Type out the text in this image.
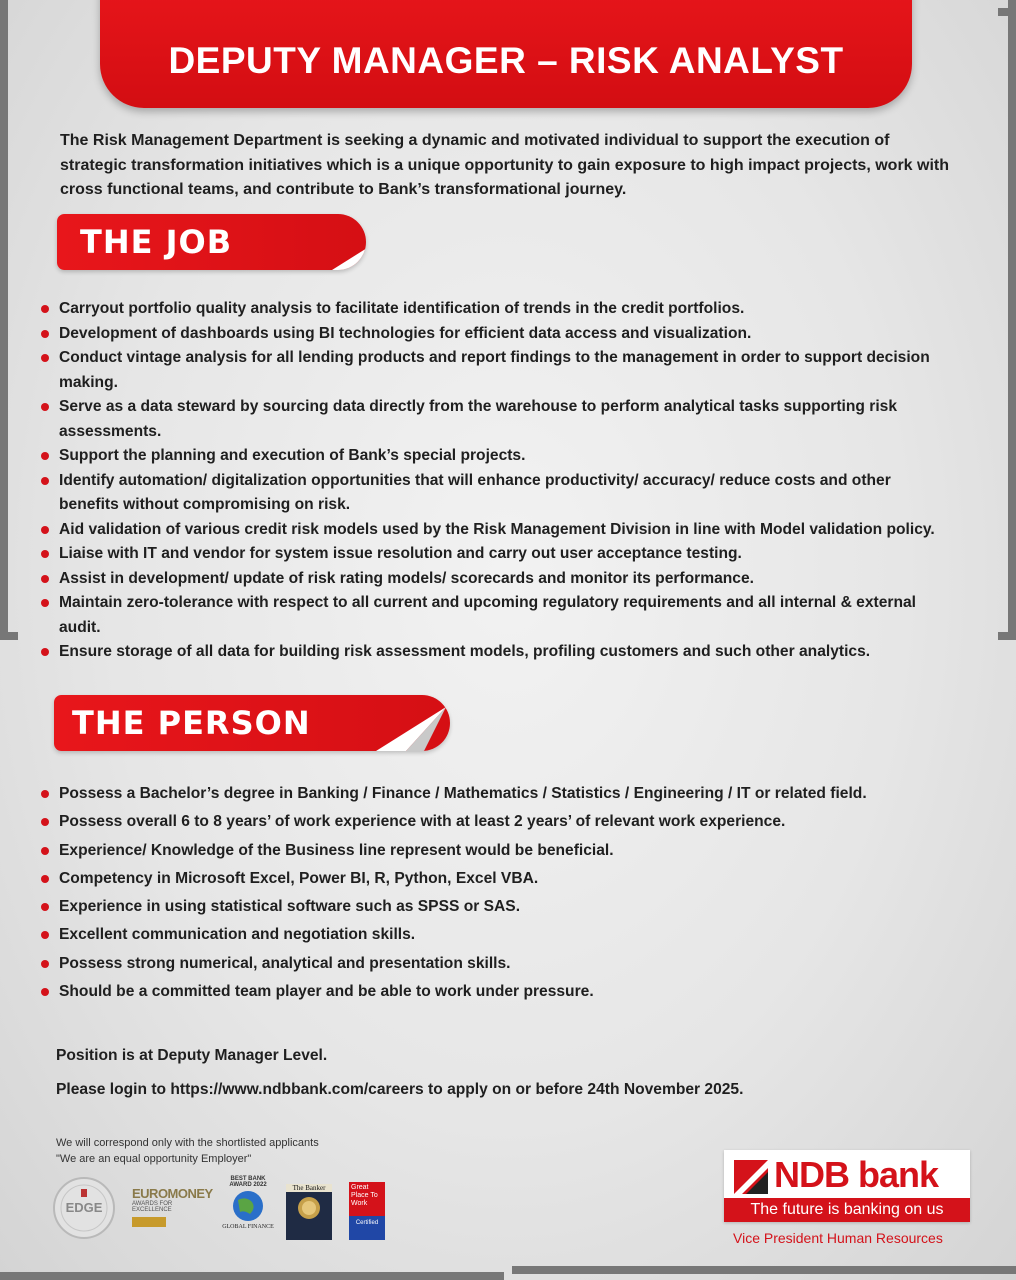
DEPUTY MANAGER – RISK ANALYST
The Risk Management Department is seeking a dynamic and motivated individual to support the execution of strategic transformation initiatives which is a unique opportunity to gain exposure to high impact projects, work with cross functional teams, and contribute to Bank’s transformational journey.
THE JOB
Carryout portfolio quality analysis to facilitate identification of trends in the credit portfolios.
Development of dashboards using BI technologies for efficient data access and visualization.
Conduct vintage analysis for all lending products and report findings to the management in order to support decision making.
Serve as a data steward by sourcing data directly from the warehouse to perform analytical tasks supporting risk assessments.
Support the planning and execution of Bank’s special projects.
Identify automation/ digitalization opportunities that will enhance productivity/ accuracy/ reduce costs and other benefits without compromising on risk.
Aid validation of various credit risk models used by the Risk Management Division in line with Model validation policy.
Liaise with IT and vendor for system issue resolution and carry out user acceptance testing.
Assist in development/ update of risk rating models/ scorecards and monitor its performance.
Maintain zero-tolerance with respect to all current and upcoming regulatory requirements and all internal & external audit.
Ensure storage of all data for building risk assessment models, profiling customers and such other analytics.
THE PERSON
Possess a Bachelor’s degree in Banking / Finance / Mathematics / Statistics / Engineering / IT or related field.
Possess overall 6 to 8 years’ of work experience with at least 2 years’ of relevant work experience.
Experience/ Knowledge of the Business line represent would be beneficial.
Competency in Microsoft Excel, Power BI, R, Python, Excel VBA.
Experience in using statistical software such as SPSS or SAS.
Excellent communication and negotiation skills.
Possess strong numerical, analytical and presentation skills.
Should be a committed team player and be able to work under pressure.
Position is at Deputy Manager Level.
Please login to https://www.ndbbank.com/careers to apply on or before 24th November 2025.
We will correspond only with the shortlisted applicants
"We are an equal opportunity Employer"
EDGE
EUROMONEY
AWARDS FOR EXCELLENCE
BEST BANK AWARD 2022
GLOBAL FINANCE
The Banker	Great Place To Work
Certified
NDB bank
The future is banking on us
Vice President Human Resources
